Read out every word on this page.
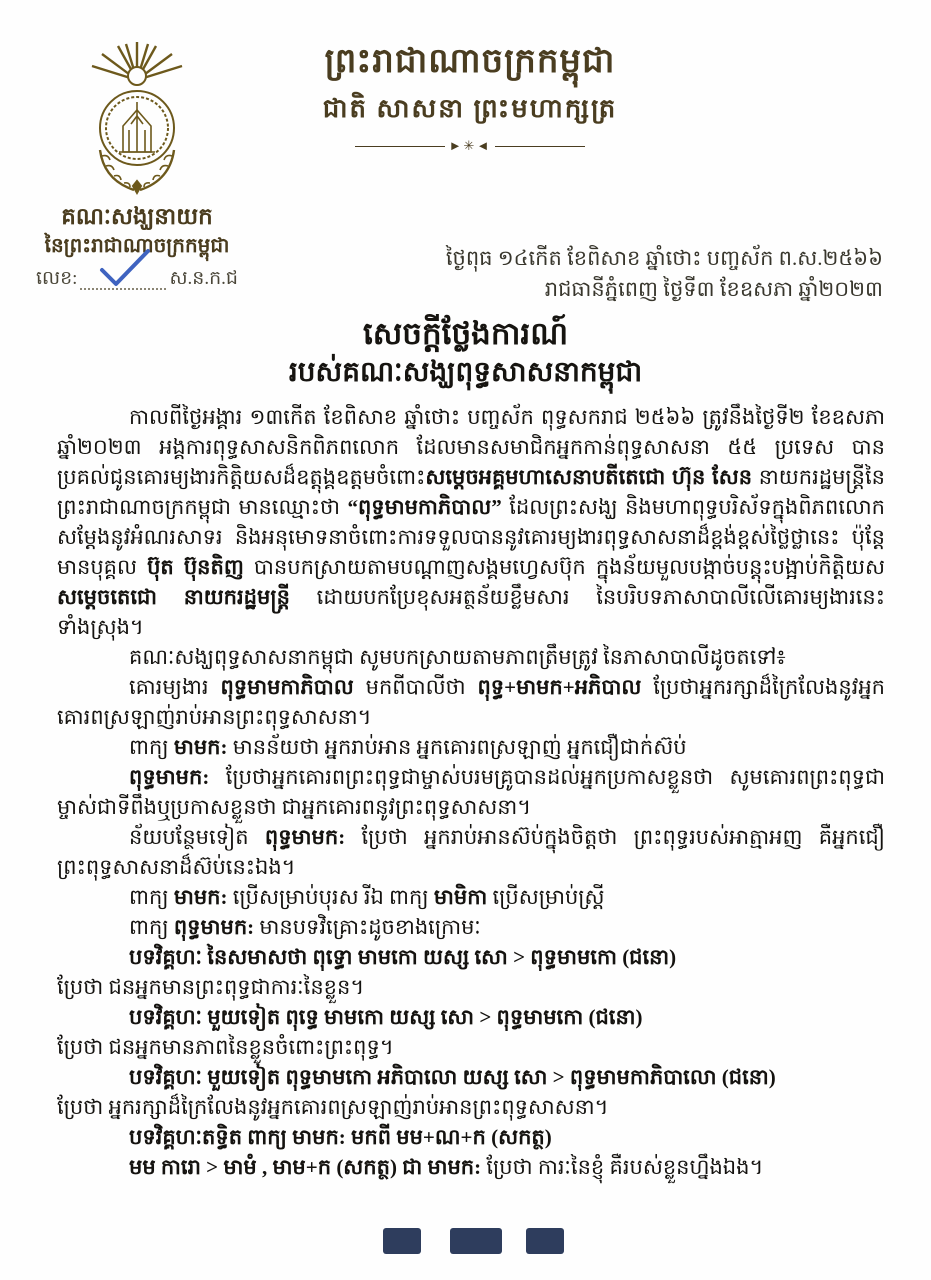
ព្រះរាជាណាចក្រកម្ពុជា
ជាតិ សាសនា ព្រះមហាក្សត្រ
►✳◄
គណៈសង្ឃនាយក
នៃព្រះរាជាណាចក្រកម្ពុជា
លេខ:	ស.ន.ក.ជ
ថ្ងៃពុធ ១៤កើត ខែពិសាខ ឆ្នាំថោះ បញ្ចស័ក ព.ស.២៥៦៦
រាជធានីភ្នំពេញ ថ្ងៃទី៣ ខែឧសភា ឆ្នាំ២០២៣
សេចក្តីថ្លែងការណ៍
របស់គណៈសង្ឃពុទ្ធសាសនាកម្ពុជា

កាលពីថ្ងៃអង្គារ ១៣កើត ខែពិសាខ ឆ្នាំថោះ បញ្ចស័ក ពុទ្ធសករាជ ២៥៦៦ ត្រូវនឹងថ្ងៃទី២ ខែឧសភា ឆ្នាំ២០២៣ អង្គការពុទ្ធសាសនិកពិភពលោក ដែលមានសមាជិកអ្នកកាន់ពុទ្ធសាសនា ៥៥ ប្រទេស បានប្រគល់ជូនគោរម្យងារកិត្តិយសដ៏ឧត្តុង្គឧត្តមចំពោះសម្តេចអគ្គមហាសេនាបតីតេជោ ហ៊ុន សែន នាយករដ្ឋមន្ត្រីនៃព្រះរាជាណាចក្រកម្ពុជា មានឈ្មោះថា “ពុទ្ធមាមកាភិបាល” ដែលព្រះសង្ឃ និងមហាពុទ្ធបរិស័ទក្នុងពិភពលោកសម្តែងនូវអំណរសាទរ និងអនុមោទនាចំពោះការទទួលបាននូវគោរម្យងារពុទ្ធសាសនាដ៏ខ្ពង់ខ្ពស់ថ្លៃថ្លានេះ ប៉ុន្តែមានបុគ្គល ប៊ុត ប៊ុនតិញ បានបកស្រាយតាមបណ្តាញសង្គមហ្វេសប៊ុក ក្នុងន័យមួលបង្កាច់បន្តុះបង្អាប់កិត្តិយស សម្តេចតេជោ នាយករដ្ឋមន្ត្រី ដោយបកប្រែខុសអត្ថន័យខ្លឹមសារ នៃបរិបទភាសាបាលីលើគោរម្យងារនេះទាំងស្រុង។

គណៈសង្ឃពុទ្ធសាសនាកម្ពុជា សូមបកស្រាយតាមភាពត្រឹមត្រូវ នៃភាសាបាលីដូចតទៅ៖

គោរម្យងារ ពុទ្ធមាមកាភិបាល មកពីបាលីថា ពុទ្ធ+មាមក+អភិបាល ប្រែថាអ្នករក្សាដ៏ក្រៃលែងនូវអ្នកគោរពស្រឡាញ់រាប់អានព្រះពុទ្ធសាសនា។

ពាក្យ មាមក: មានន័យថា អ្នករាប់អាន អ្នកគោរពស្រឡាញ់ អ្នកជឿជាក់ស៊ប់

ពុទ្ធមាមក: ប្រែថាអ្នកគោរពព្រះពុទ្ធជាម្ចាស់បរមគ្រូបានដល់អ្នកប្រកាសខ្លួនថា សូមគោរពព្រះពុទ្ធជាម្ចាស់ជាទីពឹងឬប្រកាសខ្លួនថា ជាអ្នកគោរពនូវព្រះពុទ្ធសាសនា។

ន័យបន្ថែមទៀត ពុទ្ធមាមក: ប្រែថា អ្នករាប់អានស៊ប់ក្នុងចិត្តថា ព្រះពុទ្ធរបស់អាត្មាអញ គឺអ្នកជឿព្រះពុទ្ធសាសនាដ៏ស៊ប់នេះឯង។

ពាក្យ មាមក: ប្រើសម្រាប់បុរស រីឯ ពាក្យ មាមិកា ប្រើសម្រាប់ស្ត្រី

ពាក្យ ពុទ្ធមាមក: មានបទវិគ្រោះដូចខាងក្រោមៈ

បទវិគ្គហៈ នៃសមាសថា ពុទ្ធោ មាមកោ យស្ស សោ > ពុទ្ធមាមកោ (ជនោ)

ប្រែថា ជនអ្នកមានព្រះពុទ្ធជាការៈនៃខ្លួន។

បទវិគ្គហៈ មួយទៀត ពុទ្ធេ មាមកោ យស្ស សោ > ពុទ្ធមាមកោ (ជនោ)

ប្រែថា ជនអ្នកមានភាពនៃខ្លួនចំពោះព្រះពុទ្ធ។

បទវិគ្គហៈ មួយទៀត ពុទ្ធមាមកោ អភិបាលោ យស្ស សោ > ពុទ្ធមាមកាភិបាលោ (ជនោ)

ប្រែថា អ្នករក្សាដ៏ក្រៃលែងនូវអ្នកគោរពស្រឡាញ់រាប់អានព្រះពុទ្ធសាសនា។

បទវិគ្គហៈតទ្ធិត ពាក្យ មាមក: មកពី មម+ណ+ក (សកត្ថ)

មម ការោ > មាមំ , មាម+ក (សកត្ថ) ជា មាមក: ប្រែថា ការៈនៃខ្ញុំ គឺរបស់ខ្លួនហ្នឹងឯង។
